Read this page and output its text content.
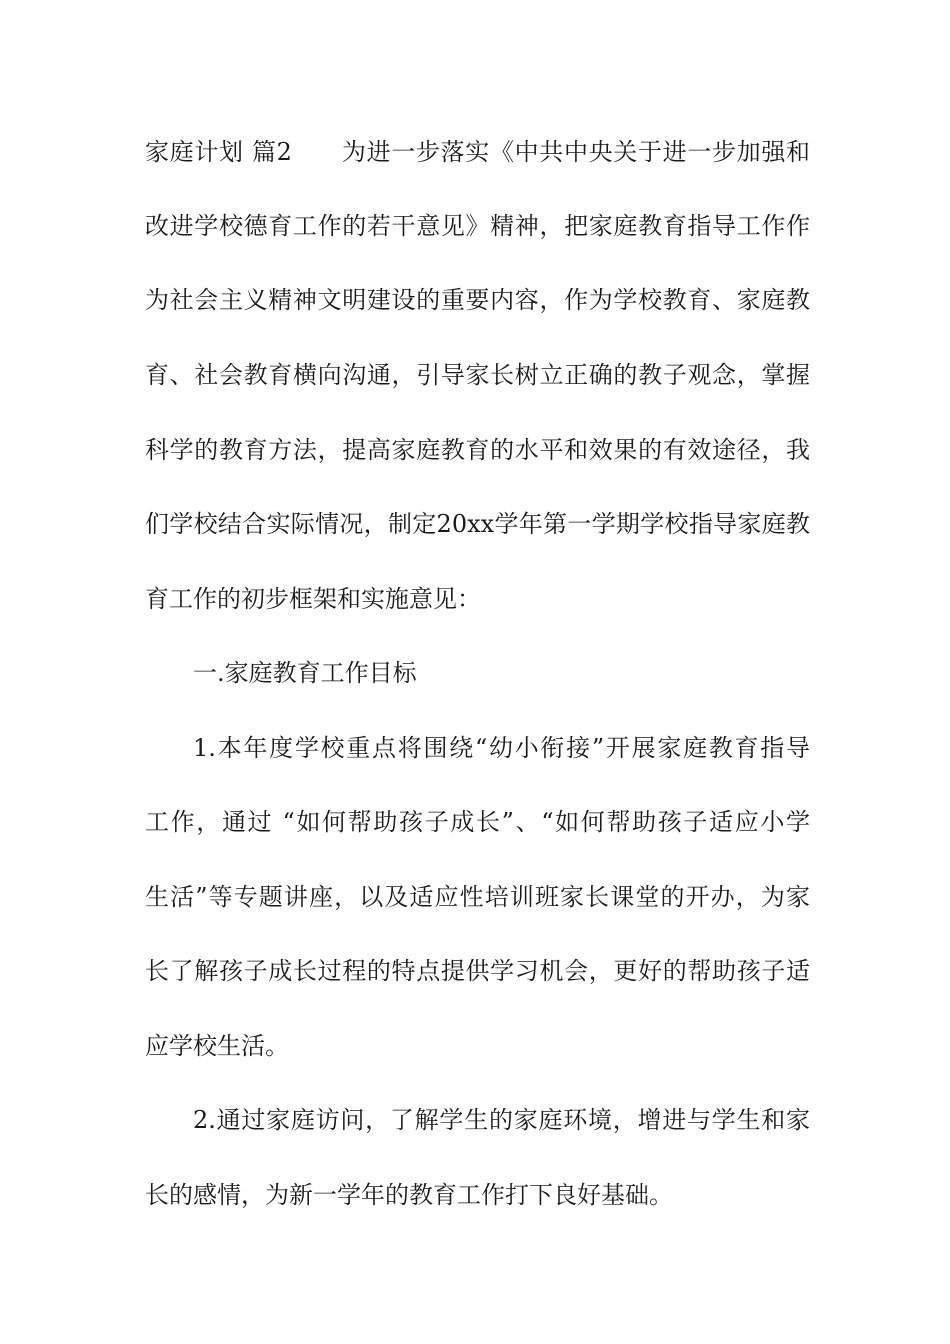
家庭计划 篇2　　为进一步落实《中共中央关于进一步加强和
改进学校德育工作的若干意见》精神，把家庭教育指导工作作
为社会主义精神文明建设的重要内容，作为学校教育、家庭教
育、社会教育横向沟通，引导家长树立正确的教子观念，掌握
科学的教育方法，提高家庭教育的水平和效果的有效途径，我
们学校结合实际情况，制定20xx学年第一学期学校指导家庭教
育工作的初步框架和实施意见：
一.家庭教育工作目标
1.本年度学校重点将围绕“幼小衔接”开展家庭教育指导
工作，通过 “如何帮助孩子成长”、“如何帮助孩子适应小学
生活”等专题讲座，以及适应性培训班家长课堂的开办，为家
长了解孩子成长过程的特点提供学习机会，更好的帮助孩子适
应学校生活。
2.通过家庭访问，了解学生的家庭环境，增进与学生和家
长的感情，为新一学年的教育工作打下良好基础。
